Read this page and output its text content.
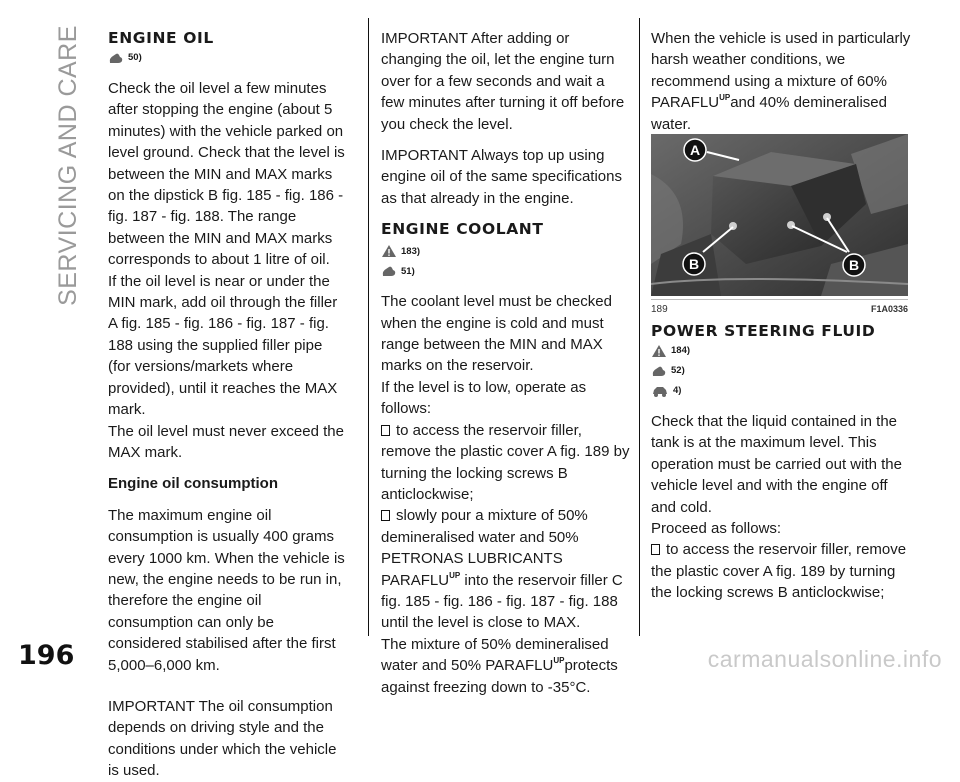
SERVICING AND CARE
196
ENGINE OIL
50)

Check the oil level a few minutes after stopping the engine (about 5 minutes) with the vehicle parked on level ground. Check that the level is between the MIN and MAX marks on the dipstick B fig. 185 - fig. 186 - fig. 187 - fig. 188. The range between the MIN and MAX marks corresponds to about 1 litre of oil.

If the oil level is near or under the MIN mark, add oil through the filler A fig. 185 - fig. 186 - fig. 187 - fig. 188 using the supplied filler pipe (for versions/markets where provided), until it reaches the MAX mark.

The oil level must never exceed the MAX mark.

Engine oil consumption

The maximum engine oil consumption is usually 400 grams every 1000 km. When the vehicle is new, the engine needs to be run in, therefore the engine oil consumption can only be considered stabilised after the first 5,000–6,000 km.

IMPORTANT The oil consumption depends on driving style and the conditions under which the vehicle is used.

IMPORTANT After adding or changing the oil, let the engine turn over for a few seconds and wait a few minutes after turning it off before you check the level.

IMPORTANT Always top up using engine oil of the same specifications as that already in the engine.

ENGINE COOLANT
183)
51)

The coolant level must be checked when the engine is cold and must range between the MIN and MAX marks on the reservoir.

If the level is to low, operate as follows:

to access the reservoir filler, remove the plastic cover A fig. 189 by turning the locking screws B anticlockwise;

slowly pour a mixture of 50% demineralised water and 50% PETRONAS LUBRICANTS $PARAFLU^{UP}$ into the reservoir filler C fig. 185 - fig. 186 - fig. 187 - fig. 188 until the level is close to MAX.

The mixture of 50% demineralised water and 50% $PARAFLU^{UP}protects$ against freezing down to -35°C.

When the vehicle is used in particularly harsh weather conditions, we recommend using a mixture of 60% $PARAFLU^{UP}and$ 40% demineralised water.

A
B	B
189	F1A0336
POWER STEERING FLUID
184)
52)
4)

Check that the liquid contained in the tank is at the maximum level. This operation must be carried out with the vehicle level and with the engine off and cold.

Proceed as follows:

to access the reservoir filler, remove the plastic cover A fig. 189 by turning the locking screws B anticlockwise;

carmanualsonline.info
